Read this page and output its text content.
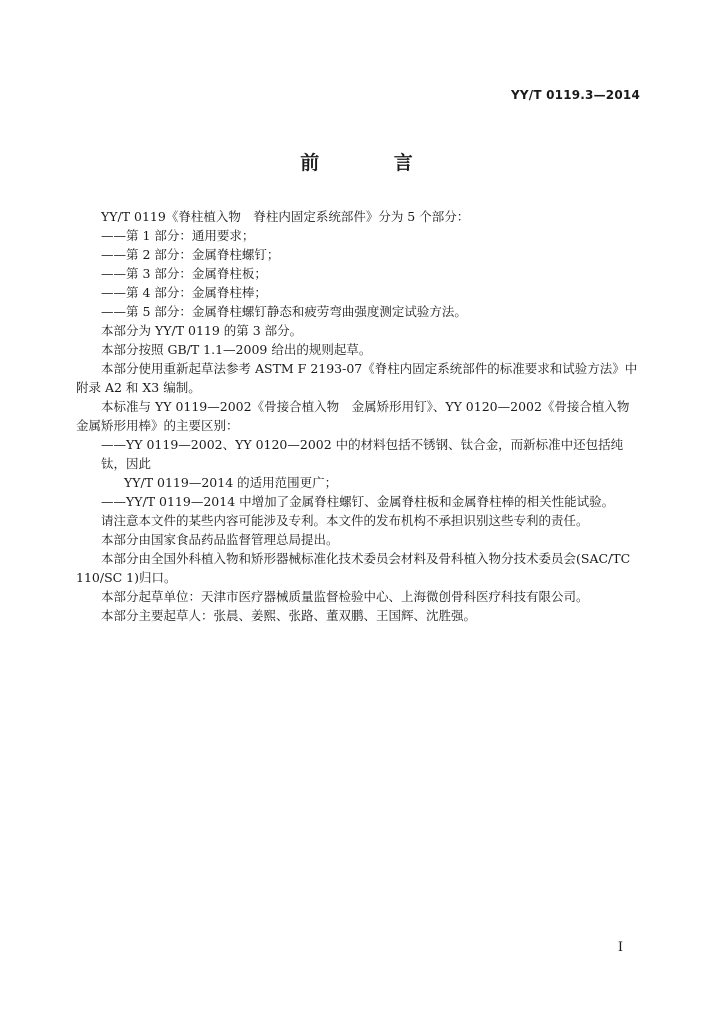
YY/T 0119.3—2014
前 言

YY/T 0119《脊柱植入物　脊柱内固定系统部件》分为 5 个部分：

——第 1 部分：通用要求；

——第 2 部分：金属脊柱螺钉；

——第 3 部分：金属脊柱板；

——第 4 部分：金属脊柱棒；

——第 5 部分：金属脊柱螺钉静态和疲劳弯曲强度测定试验方法。

本部分为 YY/T 0119 的第 3 部分。

本部分按照 GB/T 1.1—2009 给出的规则起草。

本部分使用重新起草法参考 ASTM F 2193-07《脊柱内固定系统部件的标准要求和试验方法》中附录 A2 和 X3 编制。

本标准与 YY 0119—2002《骨接合植入物　金属矫形用钉》、YY 0120—2002《骨接合植入物　金属矫形用棒》的主要区别：

——YY 0119—2002、YY 0120—2002 中的材料包括不锈钢、钛合金，而新标准中还包括纯钛，因此

YY/T 0119—2014 的适用范围更广；

——YY/T 0119—2014 中增加了金属脊柱螺钉、金属脊柱板和金属脊柱棒的相关性能试验。

请注意本文件的某些内容可能涉及专利。本文件的发布机构不承担识别这些专利的责任。

本部分由国家食品药品监督管理总局提出。

本部分由全国外科植入物和矫形器械标准化技术委员会材料及骨科植入物分技术委员会(SAC/TC 110/SC 1)归口。

本部分起草单位：天津市医疗器械质量监督检验中心、上海微创骨科医疗科技有限公司。

本部分主要起草人：张晨、姜熙、张路、董双鹏、王国辉、沈胜强。

I
